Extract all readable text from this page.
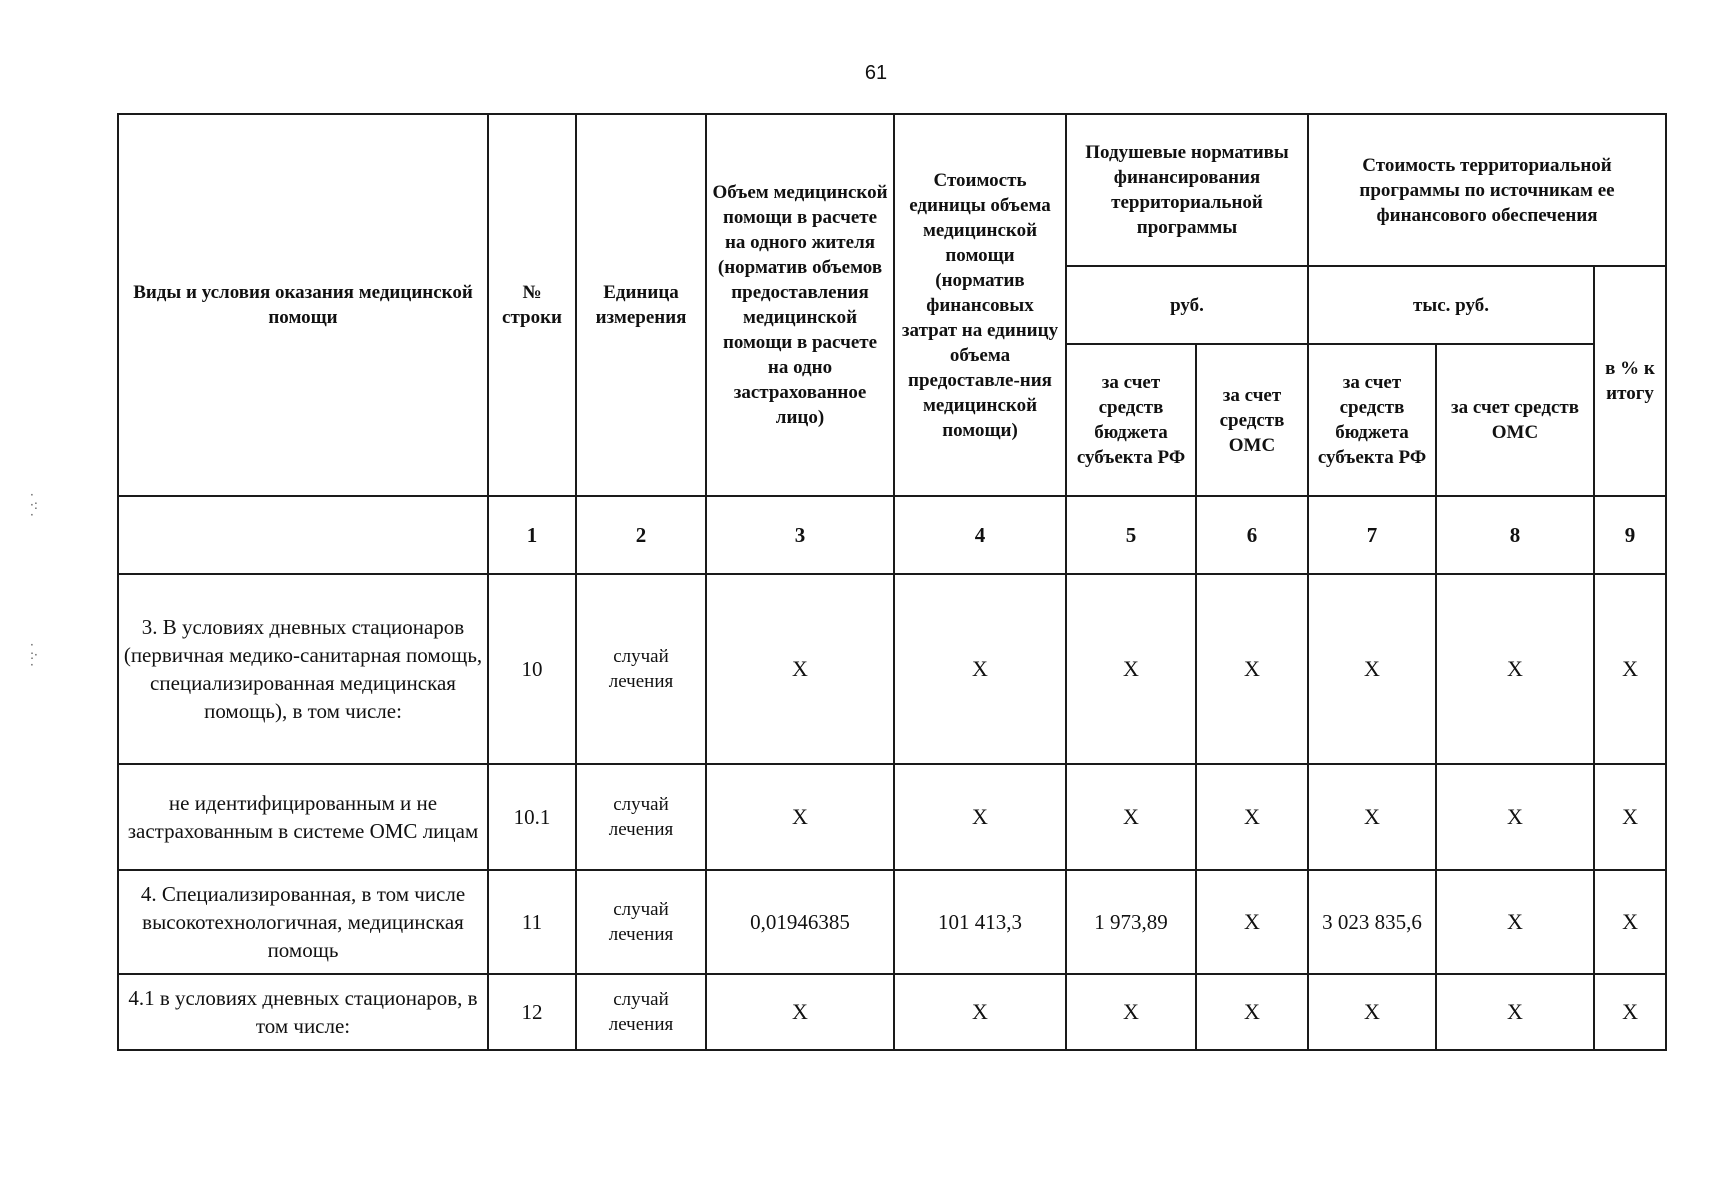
61
·
·:
·
·
:·
·
Виды и условия оказания медицинской помощи	№ строки	Единица измерения	Объем медицинской помощи в расчете на одного жителя (норматив объемов предоставления медицинской помощи в расчете на одно застрахованное лицо)	Стоимость единицы объема медицинской помощи (норматив финансовых затрат на единицу объема предоставле-ния медицинской помощи)	Подушевые нормативы финансирования территориальной программы		Стоимость территориальной программы по источникам ее финансового обеспечения		
					руб.		тыс. руб.		в % к итогу
					за счет средств бюджета субъекта РФ	за счет средств ОМС	за счет средств бюджета субъекта РФ	за счет средств ОМС	
	1	2	3	4	5	6	7	8	9
3. В условиях дневных стационаров (первичная медико-санитарная помощь, специализированная медицинская помощь), в том числе:	10	случай лечения	X	X	X	X	X	X	X
не идентифицированным и не застрахованным в системе ОМС лицам	10.1	случай лечения	X	X	X	X	X	X	X
4. Специализированная, в том числе высокотехнологичная, медицинская помощь	11	случай лечения	0,01946385	101 413,3	1 973,89	X	3 023 835,6	X	X
4.1 в условиях дневных стационаров, в том числе:	12	случай лечения	X	X	X	X	X	X	X
